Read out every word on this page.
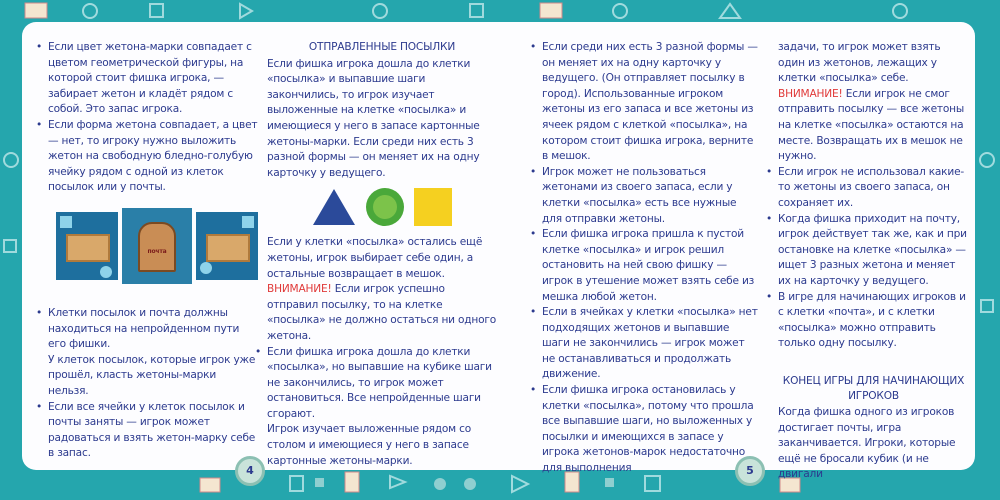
• Если цвет жетона-марки совпадает с цветом геометрической фигуры, на которой стоит фишка игрока, — забирает жетон и кладёт рядом с собой. Это запас игрока.
• Если форма жетона совпадает, а цвет — нет, то игроку нужно выложить жетон на свободную бледно-голубую ячейку рядом с одной из клеток посылок или у почты.
почта
• Клетки посылок и почта должны находиться на непройденном пути его фишки.
У клеток посылок, которые игрок уже прошёл, класть жетоны-марки нельзя.
• Если все ячейки у клеток посылок и почты заняты — игрок может радоваться и взять жетон-марку себе в запас.
ОТПРАВЛЕННЫЕ ПОСЫЛКИ

Если фишка игрока дошла до клетки «посылка» и выпавшие шаги закончились, то игрок изучает выложенные на клетке «посылка» и имеющиеся у него в запасе картонные жетоны-марки. Если среди них есть 3 разной формы — он меняет их на одну карточку у ведущего.

Если у клетки «посылка» остались ещё жетоны, игрок выбирает себе один, а остальные возвращает в мешок.

ВНИМАНИЕ! Если игрок успешно отправил посылку, то на клетке «посылка» не должно остаться ни одного жетона.

• Если фишка игрока дошла до клетки «посылка», но выпавшие на кубике шаги не закончились, то игрок может остановиться. Все непройденные шаги сгорают.
Игрок изучает выложенные рядом со столом и имеющиеся у него в запасе картонные жетоны-марки.
• Если среди них есть 3 разной формы — он меняет их на одну карточку у ведущего. (Он отправляет посылку в город). Использованные игроком жетоны из его запаса и все жетоны из ячеек рядом с клеткой «посылка», на котором стоит фишка игрока, верните в мешок.
• Игрок может не пользоваться жетонами из своего запаса, если у клетки «посылка» есть все нужные для отправки жетоны.
• Если фишка игрока пришла к пустой клетке «посылка» и игрок решил остановить на ней свою фишку — игрок в утешение может взять себе из мешка любой жетон.
• Если в ячейках у клетки «посылка» нет подходящих жетонов и выпавшие шаги не закончились — игрок может не останавливаться и продолжать движение.
• Если фишка игрока остановилась у клетки «посылка», потому что прошла все выпавшие шаги, но выложенных у посылки и имеющихся в запасе у игрока жетонов-марок недостаточно для выполнения
задачи, то игрок может взять один из жетонов, лежащих у клетки «посылка» себе.
ВНИМАНИЕ! Если игрок не смог отправить посылку — все жетоны на клетке «посылка» остаются на месте. Возвращать их в мешок не нужно.
• Если игрок не использовал какие-то жетоны из своего запаса, он сохраняет их.
• Когда фишка приходит на почту, игрок действует так же, как и при остановке на клетке «посылка» — ищет 3 разных жетона и меняет их на карточку у ведущего.
• В игре для начинающих игроков и с клетки «почта», и с клетки «посылка» можно отправить только одну посылку.
КОНЕЦ ИГРЫ ДЛЯ НАЧИНАЮЩИХ ИГРОКОВ

Когда фишка одного из игроков достигает почты, игра заканчивается. Игроки, которые ещё не бросали кубик (и не двигали

4	5
